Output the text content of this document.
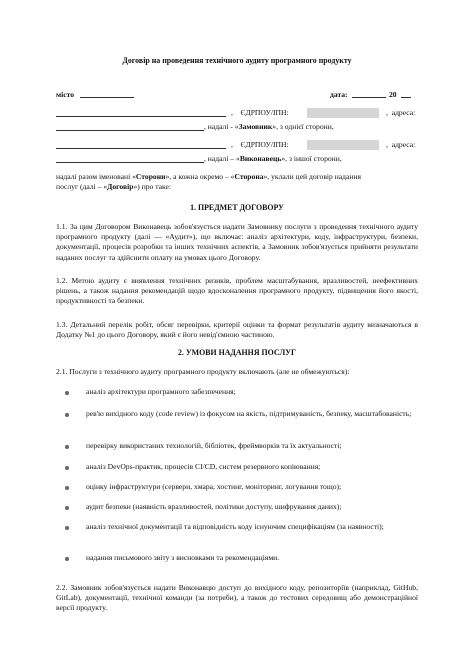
Договір на проведення технічного аудиту програмного продукту
місто	дата:	20
,    ЄДРПОУ/ІПН:	,  адреса:
, надалі - «Замовник», з однієї сторони,
,    ЄДРПОУ/ІПН:	,  адреса:
, надалі – «Виконавець», з іншої сторони,
надалі разом іменовані «Сторони», а кожна окремо – «Сторона», уклали цей договір надання
послуг (далі – «Договір») про таке:
1. ПРЕДМЕТ ДОГОВОРУ
1.1. За цим Договором Виконавець зобов'язується надати Замовнику послуги з проведення технічного аудиту програмного продукту (далі — «Аудит»), що включає: аналіз архітектури, коду, інфраструктури, безпеки, документації, процесів розробки та інших технічних аспектів, а Замовник зобов'язується прийняти результати наданих послуг та здійснити оплату на умовах цього Договору.
1.2. Метою аудиту є виявлення технічних ризиків, проблем масштабування, вразливостей, неефективних рішень, а також надання рекомендацій щодо вдосконалення програмного продукту, підвищення його якості, продуктивності та безпеки.
1.3. Детальний перелік робіт, обсяг перевірки, критерії оцінки та формат результатів аудиту визначаються в Додатку №1 до цього Договору, який є його невід'ємною частиною.
2. УМОВИ НАДАННЯ ПОСЛУГ
2.1. Послуги з технічного аудиту програмного продукту включають (але не обмежуються):
аналіз архітектури програмного забезпечення;
рев'ю вихідного коду (code review) із фокусом на якість, підтримуваність, безпеку, масштабованість;
перевірку використаних технологій, бібліотек, фреймворків та їх актуальності;
аналіз DevOps-практик, процесів CI/CD, систем резервного копіювання;
оцінку інфраструктури (сервери, хмара, хостинг, моніторинг, логування тощо);
аудит безпеки (наявність вразливостей, політики доступу, шифрування даних);
аналіз технічної документації та відповідність коду існуючим специфікаціям (за наявності);
надання письмового звіту з висновками та рекомендаціями.
2.2. Замовник зобов'язується надати Виконавцю доступ до вихідного коду, репозиторіїв (наприклад, GitHub, GitLab), документації, технічної команди (за потреби), а також до тестових середовищ або демонстраційної версії продукту.
